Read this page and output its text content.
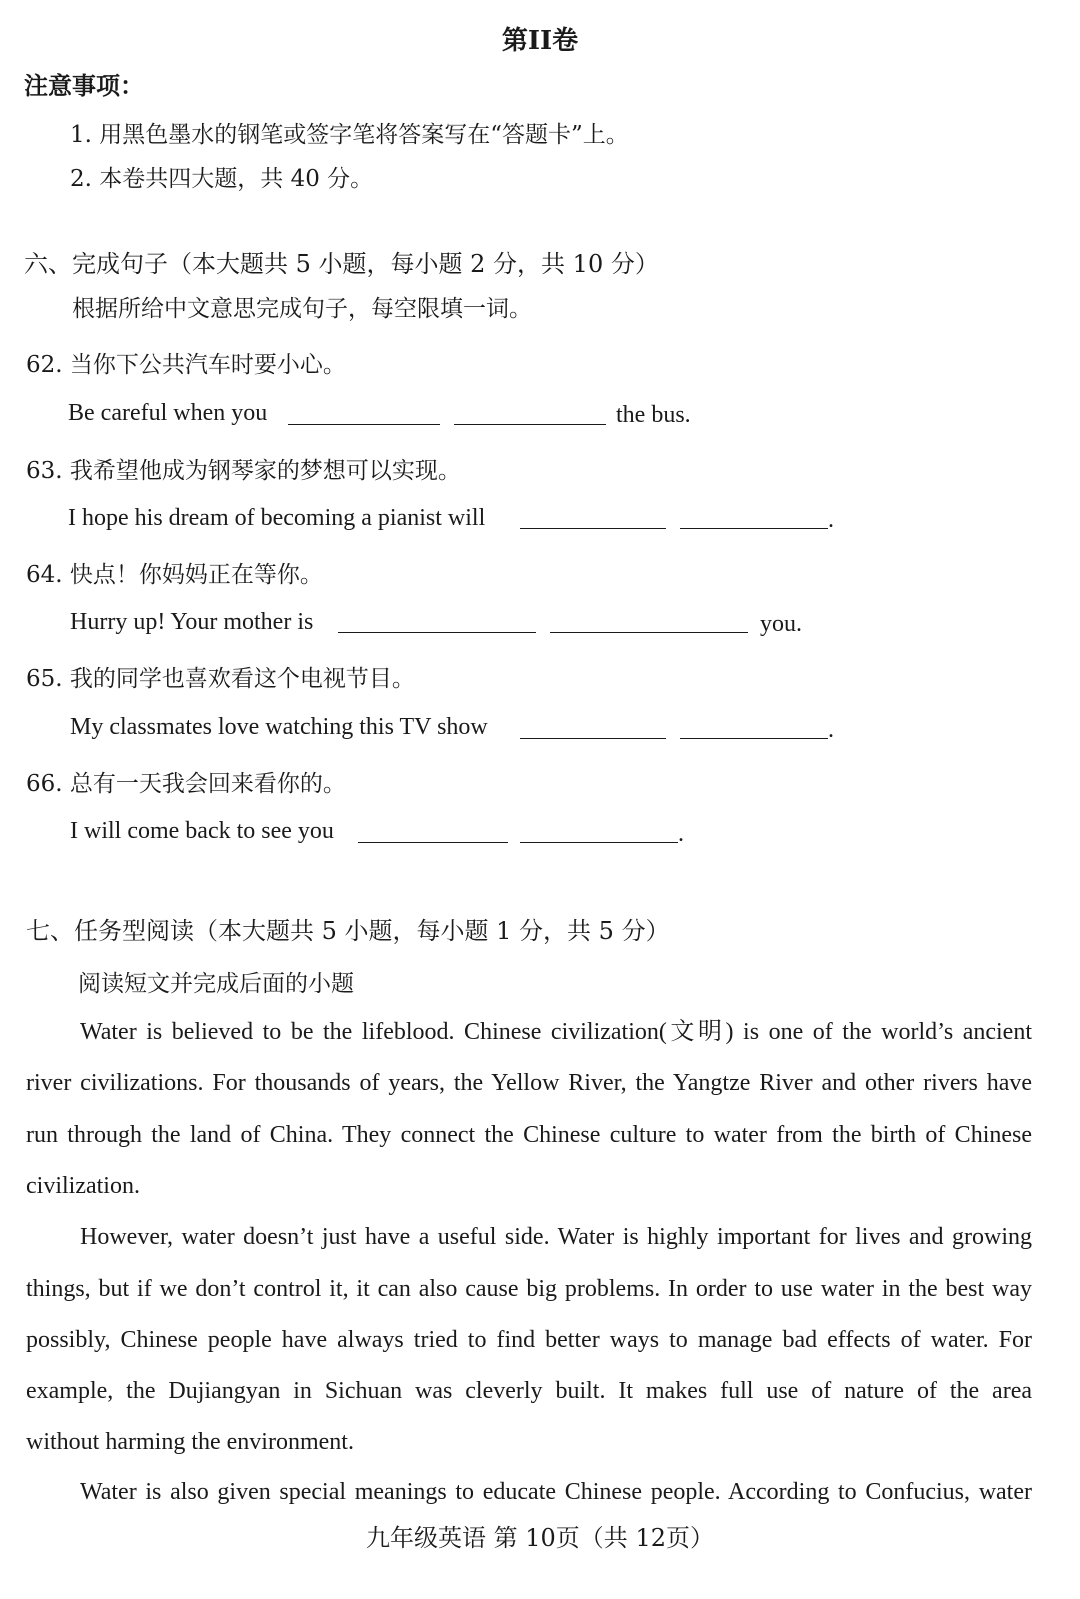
第II卷
注意事项：
1. 用黑色墨水的钢笔或签字笔将答案写在“答题卡”上。
2. 本卷共四大题，共 40 分。
六、完成句子（本大题共 5 小题，每小题 2 分，共 10 分）
根据所给中文意思完成句子，每空限填一词。
62. 当你下公共汽车时要小心。
Be careful when you	the bus.
63. 我希望他成为钢琴家的梦想可以实现。
I hope his dream of becoming a pianist will	.
64. 快点！你妈妈正在等你。
Hurry up! Your mother is	you.
65. 我的同学也喜欢看这个电视节目。
My classmates love watching this TV show	.
66. 总有一天我会回来看你的。
I will come back to see you	.
七、任务型阅读（本大题共 5 小题，每小题 1 分，共 5 分）
阅读短文并完成后面的小题
Water is believed to be the lifeblood. Chinese civilization(文明) is one of the world’s ancient
river civilizations. For thousands of years, the Yellow River, the Yangtze River and other rivers have
run through the land of China. They connect the Chinese culture to water from the birth of Chinese
civilization.
However, water doesn’t just have a useful side. Water is highly important for lives and growing
things, but if we don’t control it, it can also cause big problems. In order to use water in the best way
possibly, Chinese people have always tried to find better ways to manage bad effects of water. For
example, the Dujiangyan in Sichuan was cleverly built. It makes full use of nature of the area
without harming the environment.
Water is also given special meanings to educate Chinese people. According to Confucius, water
九年级英语 第 10页（共 12页）
